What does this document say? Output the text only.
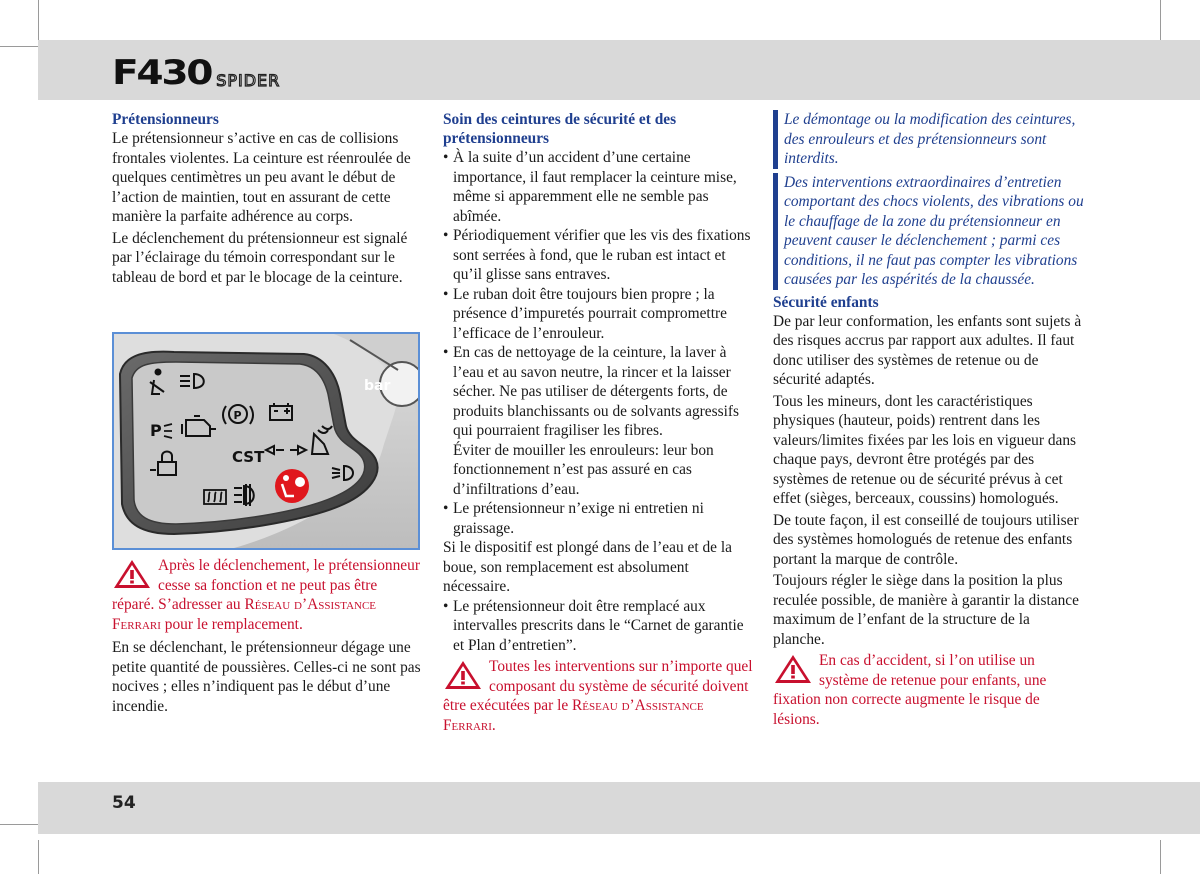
F430 SPIDER

Prétensionneurs

Le prétensionneur s’active en cas de collisions frontales violentes. La ceinture est réenroulée de quelques centimètres un peu avant le début de l’action de maintien, tout en assurant de cette manière la parfaite adhérence au corps.

Le déclenchement du prétensionneur est signalé par l’éclairage du témoin correspondant sur le tableau de bord et par le blocage de la ceinture.

bar
P
P
CST
Après le déclenchement, le prétensionneur cesse sa fonction et ne peut pas être réparé. S’adresser au Réseau d’Assistance Ferrari pour le remplacement.

En se déclenchant, le prétensionneur dégage une petite quantité de poussières. Celles-ci ne sont pas nocives ; elles n’indiquent pas le début d’une incendie.

Soin des ceintures de sécurité et des prétensionneurs

• À la suite d’un accident d’une certaine importance, il faut remplacer la ceinture mise, même si apparemment elle ne semble pas abîmée.
• Périodiquement vérifier que les vis des fixations sont serrées à fond, que le ruban est intact et qu’il glisse sans entraves.
• Le ruban doit être toujours bien propre ; la présence d’impuretés pourrait compromettre l’efficace de l’enrouleur.
• En cas de nettoyage de la ceinture, la laver à l’eau et au savon neutre, la rincer et la laisser sécher. Ne pas utiliser de détergents forts, de produits blanchissants ou de solvants agressifs qui pourraient fragiliser les fibres.

Éviter de mouiller les enrouleurs: leur bon fonctionnement n’est pas assuré en cas d’infiltrations d’eau.

• Le prétensionneur n’exige ni entretien ni graissage.

Si le dispositif est plongé dans de l’eau et de la boue, son remplacement est absolument nécessaire.

• Le prétensionneur doit être remplacé aux intervalles prescrits dans le “Carnet de garantie et Plan d’entretien”.
Toutes les interventions sur n’importe quel composant du système de sécurité doivent être exécutées par le Réseau d’Assistance Ferrari.

Le démontage ou la modification des ceintures, des enrouleurs et des prétensionneurs sont interdits.

Des interventions extraordinaires d’entretien comportant des chocs violents, des vibrations ou le chauffage de la zone du prétensionneur en peuvent causer le déclenchement ; parmi ces conditions, il ne faut pas compter les vibrations causées par les aspérités de la chaussée.

Sécurité enfants

De par leur conformation, les enfants sont sujets à des risques accrus par rapport aux adultes. Il faut donc utiliser des systèmes de retenue ou de sécurité adaptés.

Tous les mineurs, dont les caractéristiques physiques (hauteur, poids) rentrent dans les valeurs/limites fixées par les lois en vigueur dans chaque pays, devront être protégés par des systèmes de retenue ou de sécurité prévus à cet effet (sièges, berceaux, coussins) homologués.

De toute façon, il est conseillé de toujours utiliser des systèmes homologués de retenue des enfants portant la marque de contrôle.

Toujours régler le siège dans la position la plus reculée possible, de manière à garantir la distance maximum de l’enfant de la structure de la planche.

En cas d’accident, si l’on utilise un système de retenue pour enfants, une fixation non correcte augmente le risque de lésions.
54
